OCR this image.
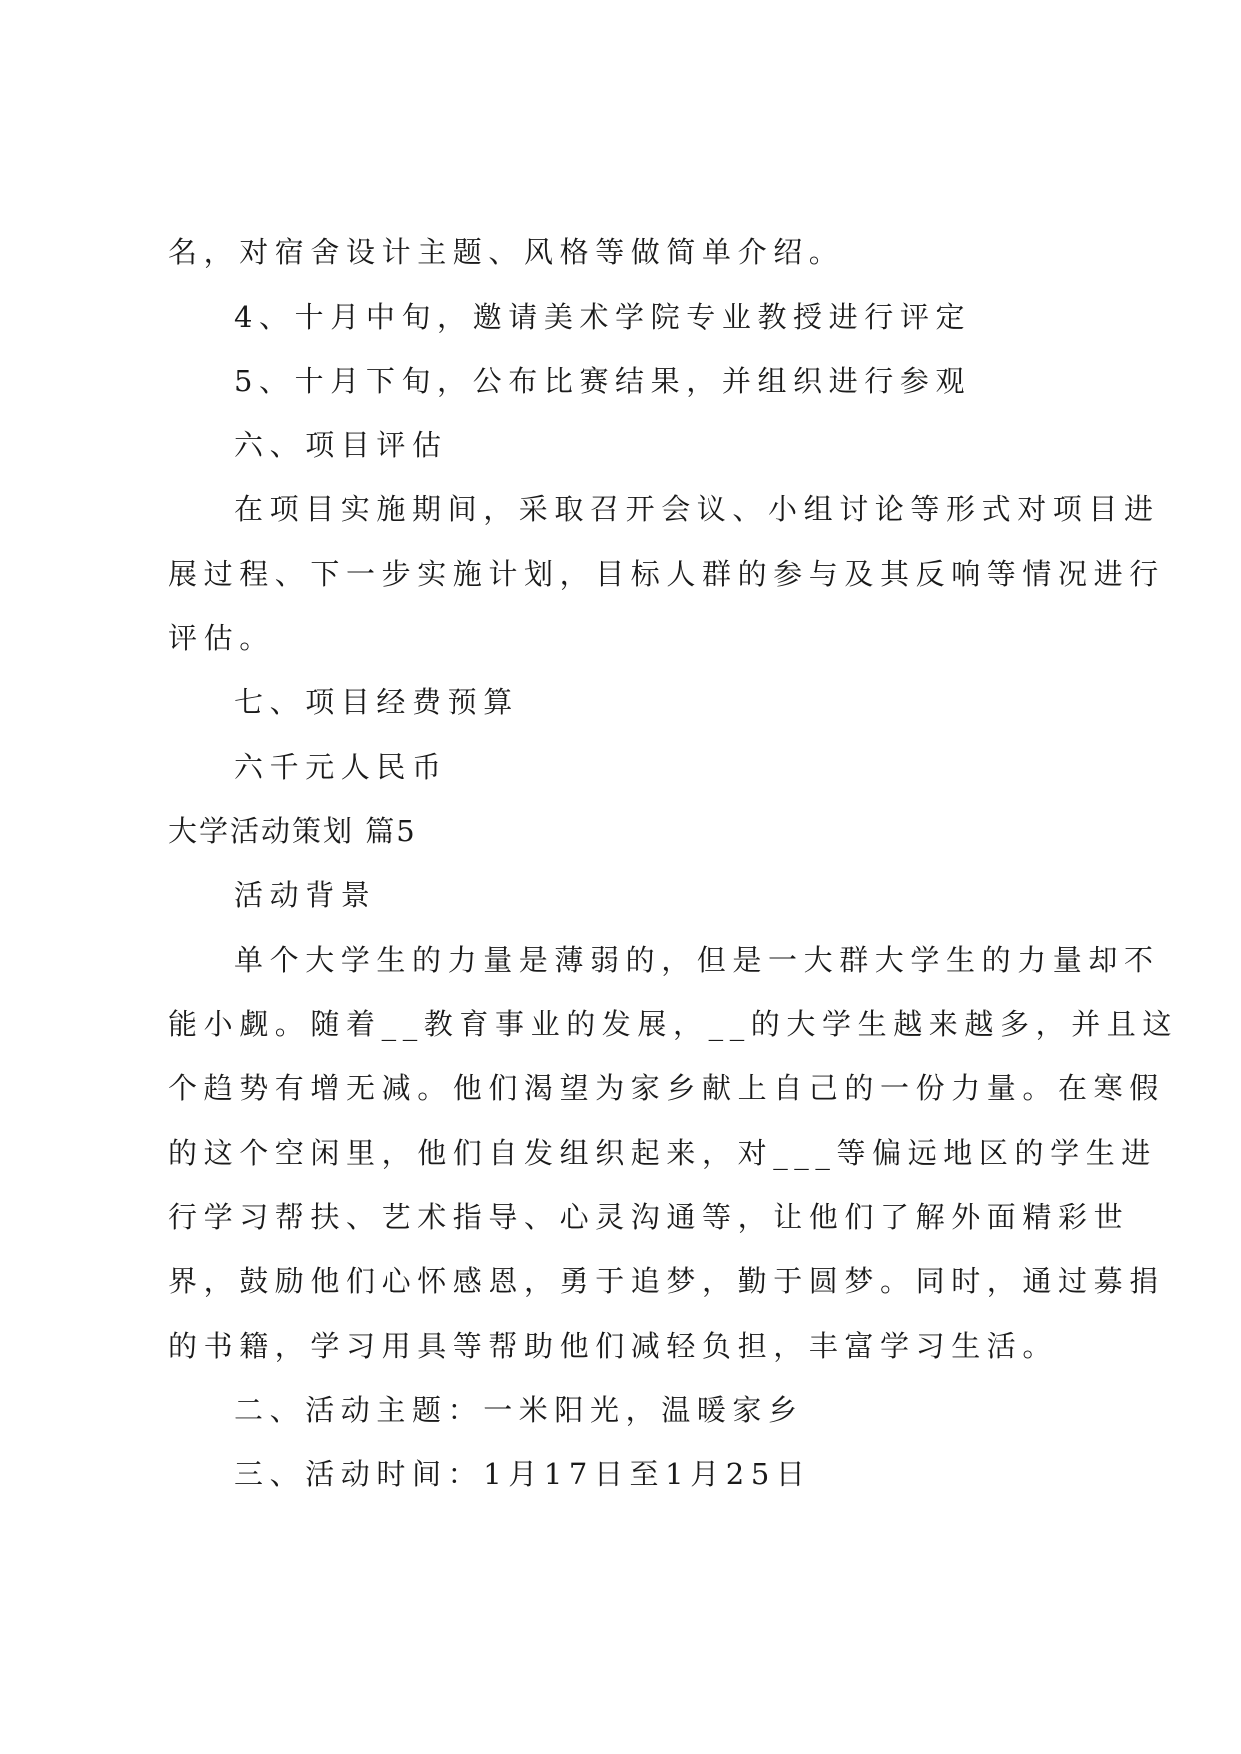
名，对宿舍设计主题、风格等做简单介绍。

4、十月中旬，邀请美术学院专业教授进行评定

5、十月下旬，公布比赛结果，并组织进行参观

六、项目评估

在项目实施期间，采取召开会议、小组讨论等形式对项目进

展过程、下一步实施计划，目标人群的参与及其反响等情况进行

评估。

七、项目经费预算

六千元人民币

大学活动策划 篇5

活动背景

单个大学生的力量是薄弱的，但是一大群大学生的力量却不

能小觑。随着__教育事业的发展，__的大学生越来越多，并且这

个趋势有增无减。他们渴望为家乡献上自己的一份力量。在寒假

的这个空闲里，他们自发组织起来，对___等偏远地区的学生进

行学习帮扶、艺术指导、心灵沟通等，让他们了解外面精彩世

界，鼓励他们心怀感恩，勇于追梦，勤于圆梦。同时，通过募捐

的书籍，学习用具等帮助他们减轻负担，丰富学习生活。

二、活动主题：一米阳光，温暖家乡

三、活动时间：1月17日至1月25日
